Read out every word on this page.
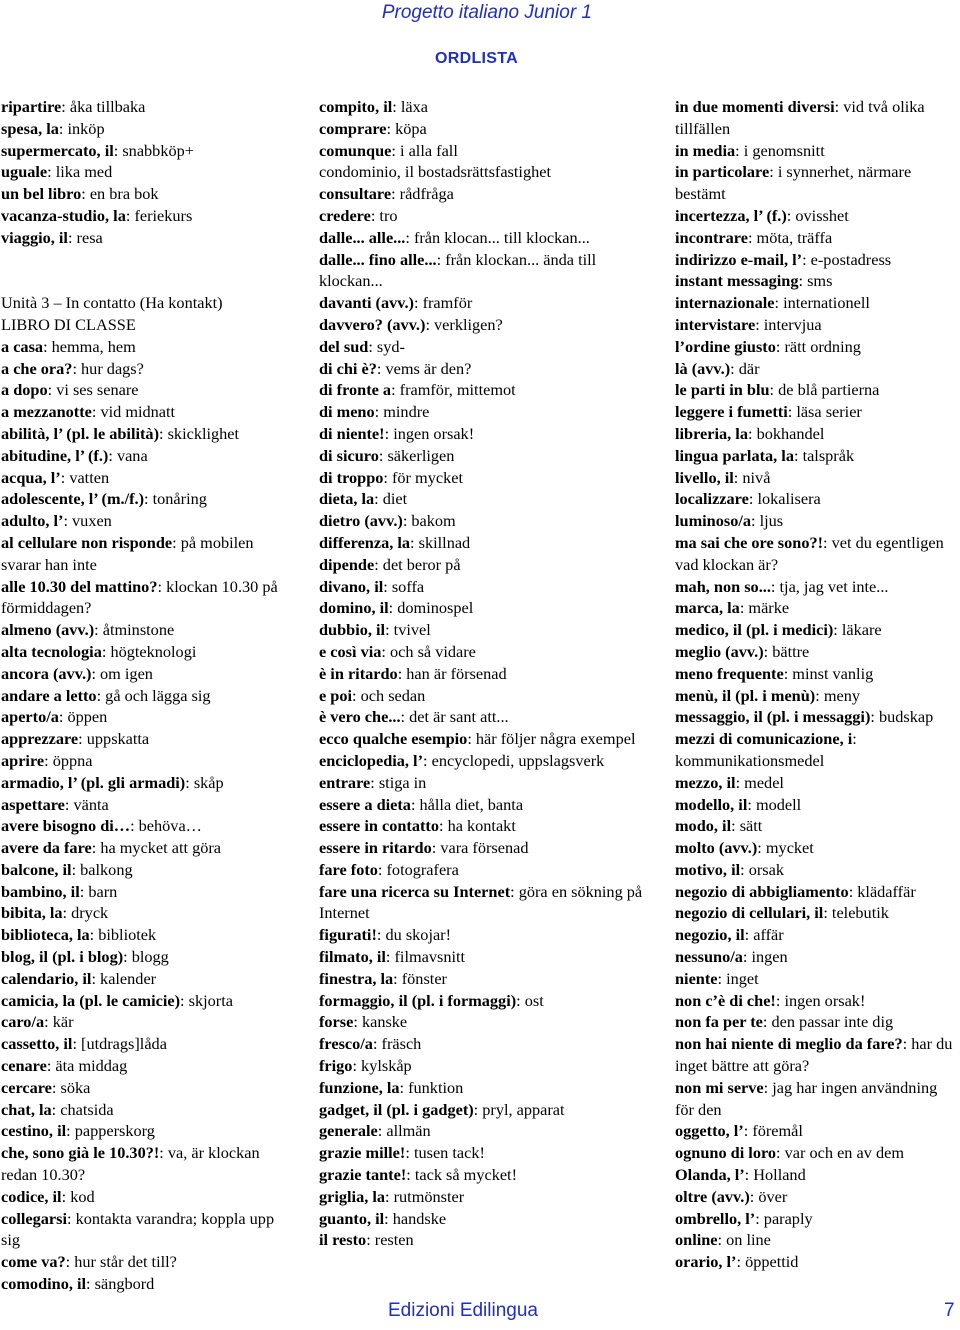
Progetto italiano Junior 1
ORDLISTA
ripartire: åka tillbaka
spesa, la: inköp
supermercato, il: snabbköp+
uguale: lika med
un bel libro: en bra bok
vacanza-studio, la: feriekurs
viaggio, il: resa
Unità 3 – In contatto (Ha kontakt)
LIBRO DI CLASSE
a casa: hemma, hem
a che ora?: hur dags?
a dopo: vi ses senare
a mezzanotte: vid midnatt
abilità, l’ (pl. le abilità): skicklighet
abitudine, l’ (f.): vana
acqua, l’: vatten
adolescente, l’ (m./f.): tonåring
adulto, l’: vuxen
al cellulare non risponde: på mobilen svarar han inte
alle 10.30 del mattino?: klockan 10.30 på förmiddagen?
almeno (avv.): åtminstone
alta tecnologia: högteknologi
ancora (avv.): om igen
andare a letto: gå och lägga sig
aperto/a: öppen
apprezzare: uppskatta
aprire: öppna
armadio, l’ (pl. gli armadi): skåp
aspettare: vänta
avere bisogno di…: behöva…
avere da fare: ha mycket att göra
balcone, il: balkong
bambino, il: barn
bibita, la: dryck
biblioteca, la: bibliotek
blog, il (pl. i blog): blogg
calendario, il: kalender
camicia, la (pl. le camicie): skjorta
caro/a: kär
cassetto, il: [utdrags]låda
cenare: äta middag
cercare: söka
chat, la: chatsida
cestino, il: papperskorg
che, sono già le 10.30?!: va, är klockan redan 10.30?
codice, il: kod
collegarsi: kontakta varandra; koppla upp sig
come va?: hur står det till?
comodino, il: sängbord
compito, il: läxa
comprare: köpa
comunque: i alla fall
condominio, il bostadsrättsfastighet
consultare: rådfråga
credere: tro
dalle... alle...: från klocan... till klockan...
dalle... fino alle...: från klockan... ända till klockan...
davanti (avv.): framför
davvero? (avv.): verkligen?
del sud: syd-
di chi è?: vems är den?
di fronte a: framför, mittemot
di meno: mindre
di niente!: ingen orsak!
di sicuro: säkerligen
di troppo: för mycket
dieta, la: diet
dietro (avv.): bakom
differenza, la: skillnad
dipende: det beror på
divano, il: soffa
domino, il: dominospel
dubbio, il: tvivel
e così via: och så vidare
è in ritardo: han är försenad
e poi: och sedan
è vero che...: det är sant att...
ecco qualche esempio: här följer några exempel
enciclopedia, l’: encyclopedi, uppslagsverk
entrare: stiga in
essere a dieta: hålla diet, banta
essere in contatto: ha kontakt
essere in ritardo: vara försenad
fare foto: fotografera
fare una ricerca su Internet: göra en sökning på Internet
figurati!: du skojar!
filmato, il: filmavsnitt
finestra, la: fönster
formaggio, il (pl. i formaggi): ost
forse: kanske
fresco/a: fräsch
frigo: kylskåp
funzione, la: funktion
gadget, il (pl. i gadget): pryl, apparat
generale: allmän
grazie mille!: tusen tack!
grazie tante!: tack så mycket!
griglia, la: rutmönster
guanto, il: handske
il resto: resten
in due momenti diversi: vid två olika tillfällen
in media: i genomsnitt
in particolare: i synnerhet, närmare bestämt
incertezza, l’ (f.): ovisshet
incontrare: möta, träffa
indirizzo e-mail, l’: e-postadress
instant messaging: sms
internazionale: internationell
intervistare: intervjua
l’ordine giusto: rätt ordning
là (avv.): där
le parti in blu: de blå partierna
leggere i fumetti: läsa serier
libreria, la: bokhandel
lingua parlata, la: talspråk
livello, il: nivå
localizzare: lokalisera
luminoso/a: ljus
ma sai che ore sono?!: vet du egentligen vad klockan är?
mah, non so...: tja, jag vet inte...
marca, la: märke
medico, il (pl. i medici): läkare
meglio (avv.): bättre
meno frequente: minst vanlig
menù, il (pl. i menù): meny
messaggio, il (pl. i messaggi): budskap
mezzi di comunicazione, i: kommunikationsmedel
mezzo, il: medel
modello, il: modell
modo, il: sätt
molto (avv.): mycket
motivo, il: orsak
negozio di abbigliamento: klädaffär
negozio di cellulari, il: telebutik
negozio, il: affär
nessuno/a: ingen
niente: inget
non c’è di che!: ingen orsak!
non fa per te: den passar inte dig
non hai niente di meglio da fare?: har du inget bättre att göra?
non mi serve: jag har ingen användning för den
oggetto, l’: föremål
ognuno di loro: var och en av dem
Olanda, l’: Holland
oltre (avv.): över
ombrello, l’: paraply
online: on line
orario, l’: öppettid
Edizioni Edilingua	7
